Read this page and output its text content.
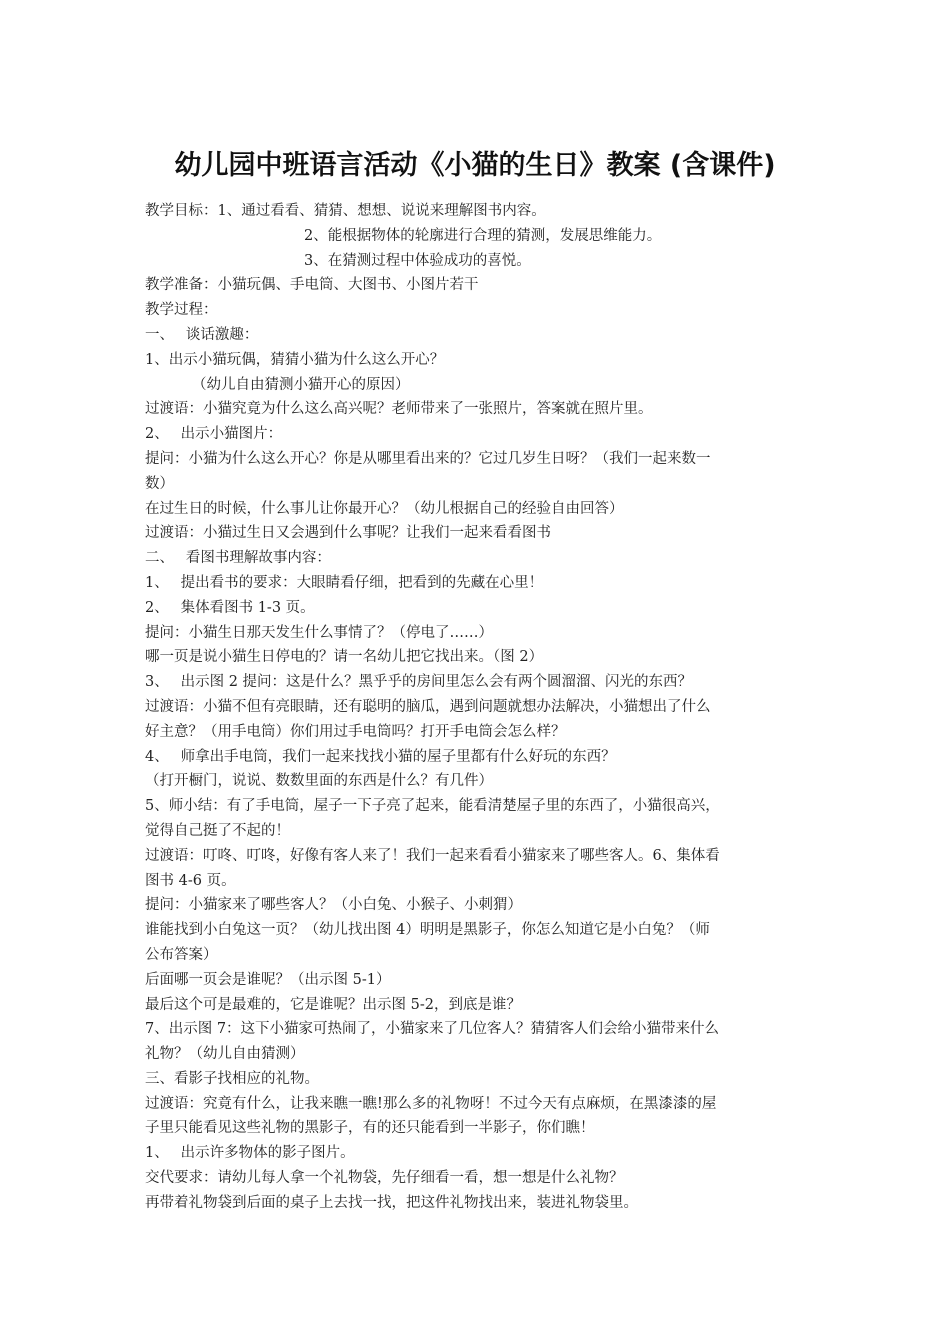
幼儿园中班语言活动《小猫的生日》教案 (含课件)
教学目标：1、通过看看、猜猜、想想、说说来理解图书内容。
2、能根据物体的轮廓进行合理的猜测，发展思维能力。
3、在猜测过程中体验成功的喜悦。
教学准备：小猫玩偶、手电筒、大图书、小图片若干
教学过程：
一、　 谈话激趣：
1、出示小猫玩偶，猜猜小猫为什么这么开心？
（幼儿自由猜测小猫开心的原因）
过渡语：小猫究竟为什么这么高兴呢？老师带来了一张照片，答案就在照片里。
2、　 出示小猫图片：
提问：小猫为什么这么开心？你是从哪里看出来的？它过几岁生日呀？（我们一起来数一
数）
在过生日的时候，什么事儿让你最开心？（幼儿根据自己的经验自由回答）
过渡语：小猫过生日又会遇到什么事呢？让我们一起来看看图书
二、　 看图书理解故事内容：
1、　 提出看书的要求：大眼睛看仔细，把看到的先藏在心里！
2、　 集体看图书 1-3 页。
提问：小猫生日那天发生什么事情了？（停电了……）
哪一页是说小猫生日停电的？请一名幼儿把它找出来。（图 2）
3、　 出示图 2 提问：这是什么？黑乎乎的房间里怎么会有两个圆溜溜、闪光的东西？
过渡语：小猫不但有亮眼睛，还有聪明的脑瓜，遇到问题就想办法解决，小猫想出了什么
好主意？（用手电筒）你们用过手电筒吗？打开手电筒会怎么样？
4、　 师拿出手电筒，我们一起来找找小猫的屋子里都有什么好玩的东西？
（打开橱门，说说、数数里面的东西是什么？有几件）
5、师小结：有了手电筒，屋子一下子亮了起来，能看清楚屋子里的东西了，小猫很高兴，
觉得自己挺了不起的！
过渡语：叮咚、叮咚，好像有客人来了！我们一起来看看小猫家来了哪些客人。6、集体看
图书 4-6 页。
提问：小猫家来了哪些客人？（小白兔、小猴子、小刺猬）
谁能找到小白兔这一页？（幼儿找出图 4）明明是黑影子，你怎么知道它是小白兔？（师
公布答案）
后面哪一页会是谁呢？（出示图 5-1）
最后这个可是最难的，它是谁呢？出示图 5-2，到底是谁？
7、出示图 7：这下小猫家可热闹了，小猫家来了几位客人？猜猜客人们会给小猫带来什么
礼物？（幼儿自由猜测）
三、看影子找相应的礼物。
过渡语：究竟有什么，让我来瞧一瞧!那么多的礼物呀！不过今天有点麻烦，在黑漆漆的屋
子里只能看见这些礼物的黑影子，有的还只能看到一半影子，你们瞧！
1、　 出示许多物体的影子图片。
交代要求：请幼儿每人拿一个礼物袋，先仔细看一看，想一想是什么礼物？
再带着礼物袋到后面的桌子上去找一找，把这件礼物找出来，装进礼物袋里。
